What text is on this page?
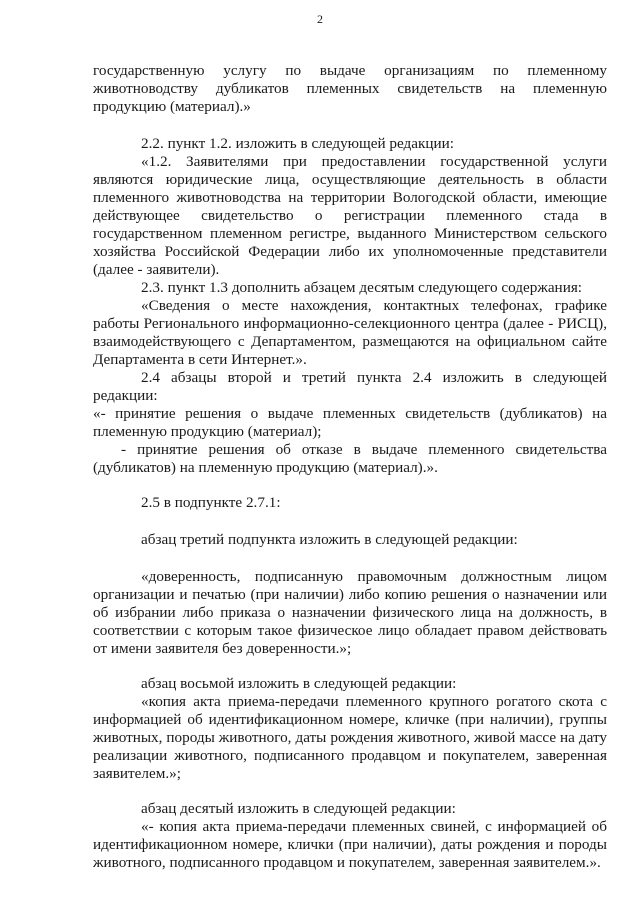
2

государственную услугу по выдаче организациям по племенному животноводству дубликатов племенных свидетельств на племенную продукцию (материал).»

2.2. пункт 1.2. изложить в следующей редакции:

«1.2. Заявителями при предоставлении государственной услуги являются юридические лица, осуществляющие деятельность в области племенного животноводства на территории Вологодской области, имеющие действующее свидетельство о регистрации племенного стада в государственном племенном регистре, выданного Министерством сельского хозяйства Российской Федерации либо их уполномоченные представители (далее - заявители).

2.3. пункт 1.3 дополнить абзацем десятым следующего содержания:

«Сведения о месте нахождения, контактных телефонах, графике работы Регионального информационно-селекционного центра (далее - РИСЦ), взаимодействующего с Департаментом, размещаются на официальном сайте Департамента в сети Интернет.».

2.4 абзацы второй и третий пункта 2.4 изложить в следующей редакции:

«- принятие решения о выдаче племенных свидетельств (дубликатов) на племенную продукцию (материал);

- принятие решения об отказе в выдаче племенного свидетельства (дубликатов) на племенную продукцию (материал).».

2.5 в подпункте 2.7.1:

абзац третий подпункта изложить в следующей редакции:

«доверенность, подписанную правомочным должностным лицом организации и печатью (при наличии) либо копию решения о назначении или об избрании либо приказа о назначении физического лица на должность, в соответствии с которым такое физическое лицо обладает правом действовать от имени заявителя без доверенности.»;

абзац восьмой изложить в следующей редакции:

«копия акта приема-передачи племенного крупного рогатого скота с информацией об идентификационном номере, кличке (при наличии), группы животных, породы животного, даты рождения животного, живой массе на дату реализации животного, подписанного продавцом и покупателем, заверенная заявителем.»;

абзац десятый изложить в следующей редакции:

«- копия акта приема-передачи племенных свиней, с информацией об идентификационном номере, клички (при наличии), даты рождения и породы животного, подписанного продавцом и покупателем, заверенная заявителем.».
